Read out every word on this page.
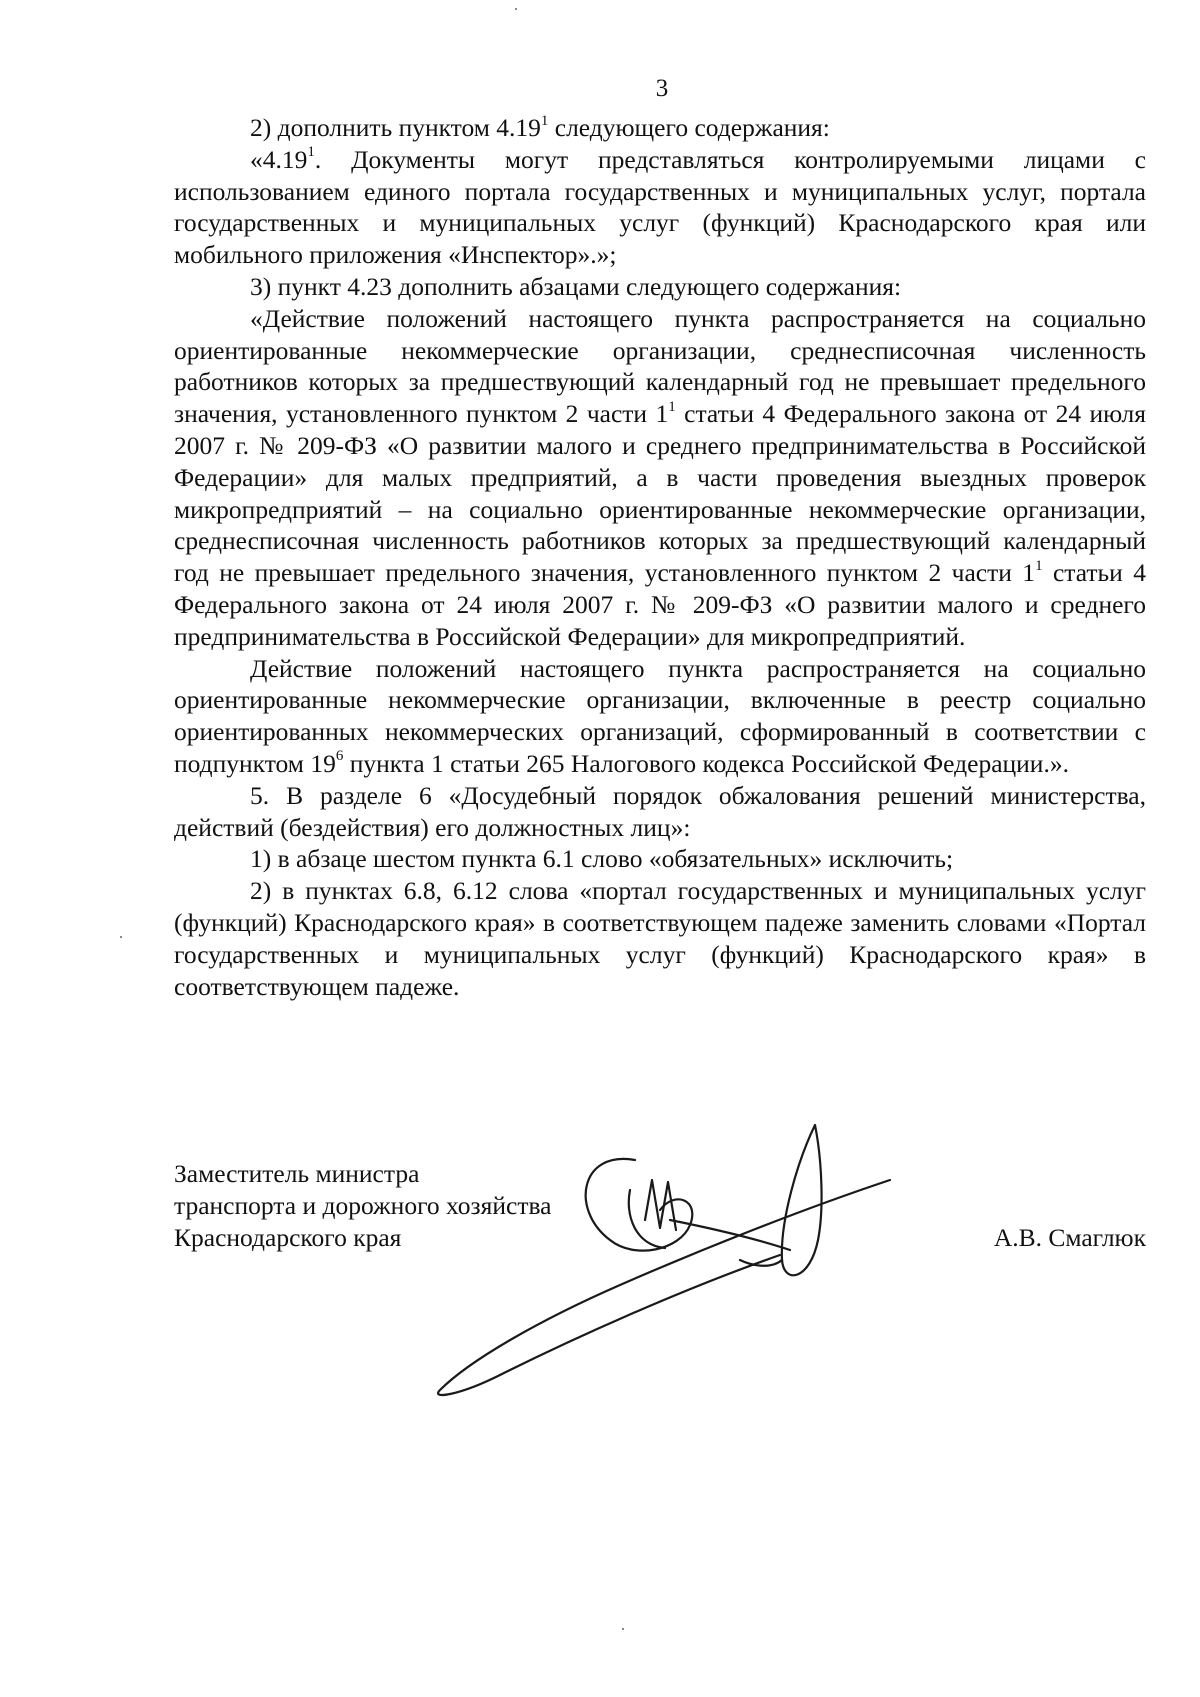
3

2) дополнить пунктом 4.19$^1$ следующего содержания:

«4.19$^1$. Документы могут представляться контролируемыми лицами с использованием единого портала государственных и муниципальных услуг, портала государственных и муниципальных услуг (функций) Краснодарского края или мобильного приложения «Инспектор».»;

3) пункт 4.23 дополнить абзацами следующего содержания:

«Действие положений настоящего пункта распространяется на социально ориентированные некоммерческие организации, среднесписочная численность работников которых за предшествующий календарный год не превышает предельного значения, установленного пунктом 2 части $1^1$ статьи 4 Федерального закона от 24 июля 2007 г. № 209-ФЗ «О развитии малого и среднего предпринимательства в Российской Федерации» для малых предприятий, а в части проведения выездных проверок микропредприятий – на социально ориентированные некоммерческие организации, среднесписочная численность работников которых за предшествующий календарный год не превышает предельного значения, установленного пунктом 2 части $1^1$ статьи 4 Федерального закона от 24 июля 2007 г. № 209-ФЗ «О развитии малого и среднего предпринимательства в Российской Федерации» для микропредприятий.

Действие положений настоящего пункта распространяется на социально ориентированные некоммерческие организации, включенные в реестр социально ориентированных некоммерческих организаций, сформированный в соответствии с подпунктом $19^6$ пункта 1 статьи 265 Налогового кодекса Российской Федерации.».

5. В разделе 6 «Досудебный порядок обжалования решений министерства, действий (бездействия) его должностных лиц»:

1) в абзаце шестом пункта 6.1 слово «обязательных» исключить;

2) в пунктах 6.8, 6.12 слова «портал государственных и муниципальных услуг (функций) Краснодарского края» в соответствующем падеже заменить словами «Портал государственных и муниципальных услуг (функций) Краснодарского края» в соответствующем падеже.

Заместитель министра
транспорта и дорожного хозяйства
Краснодарского края	А.В. Смаглюк
